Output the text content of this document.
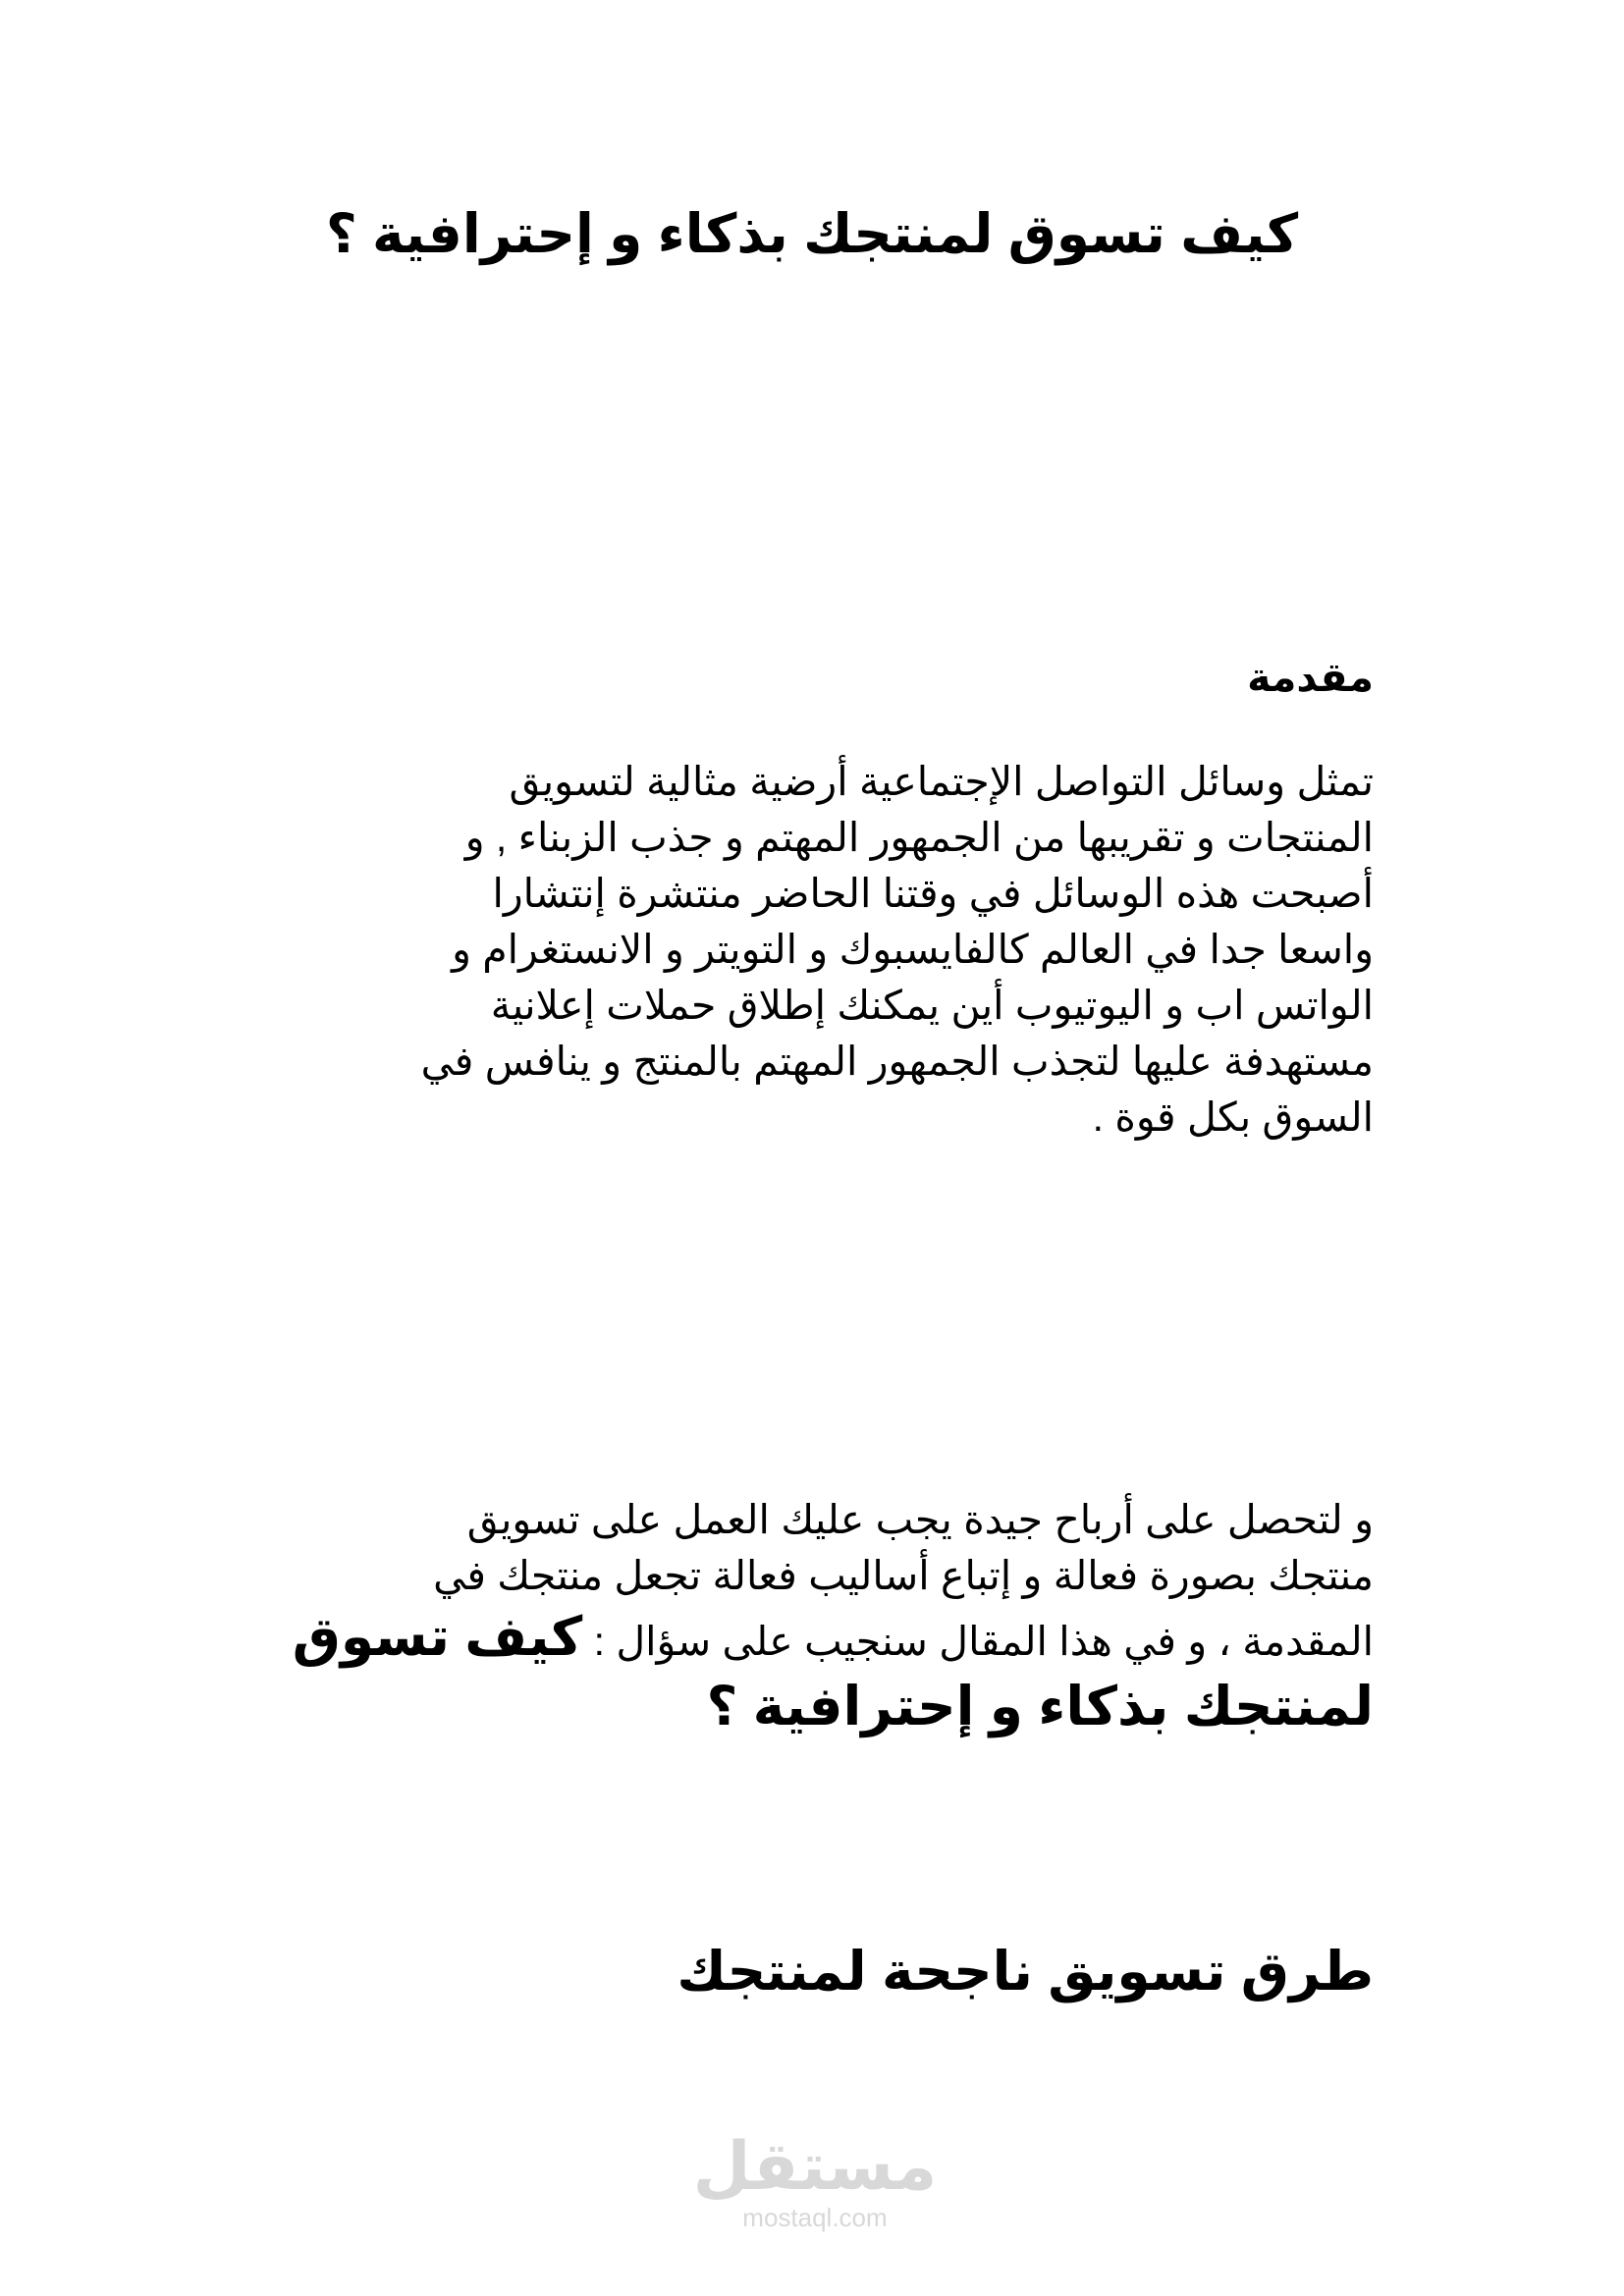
كيف تسوق لمنتجك بذكاء و إحترافية ؟
مقدمة

تمثل وسائل التواصل الإجتماعية أرضية مثالية لتسويق
المنتجات و تقريبها من الجمهور المهتم و جذب الزبناء , و
أصبحت هذه الوسائل في وقتنا الحاضر منتشرة إنتشارا
واسعا جدا في العالم كالفايسبوك و التويتر و الانستغرام و
الواتس اب و اليوتيوب أين يمكنك إطلاق حملات إعلانية
مستهدفة عليها لتجذب الجمهور المهتم بالمنتج و ينافس في
السوق بكل قوة .

و لتحصل على أرباح جيدة يجب عليك العمل على تسويق
منتجك بصورة فعالة و إتباع أساليب فعالة تجعل منتجك في
المقدمة ، و في هذا المقال سنجيب على سؤال : كيف تسوق
لمنتجك بذكاء و إحترافية ؟

طرق تسويق ناجحة لمنتجك
مستقل
mostaql.com
